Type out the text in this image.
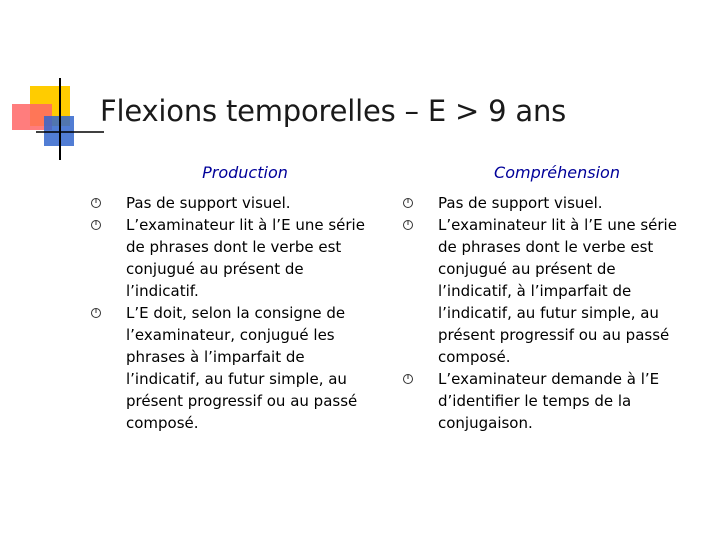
Flexions temporelles – E > 9 ans
Production
Pas de support visuel.
L’examinateur lit à l’E une série de phrases dont le verbe est conjugué au présent de l’indicatif.
L’E doit, selon la consigne de l’examinateur, conjugué les phrases à l’imparfait de l’indicatif, au futur simple, au présent progressif ou au passé composé.
Compréhension
Pas de support visuel.
L’examinateur lit à l’E une série de phrases dont le verbe est conjugué au présent de l’indicatif, à l’imparfait de l’indicatif, au futur simple, au présent progressif ou au passé composé.
L’examinateur demande à l’E d’identifier le temps de la conjugaison.
